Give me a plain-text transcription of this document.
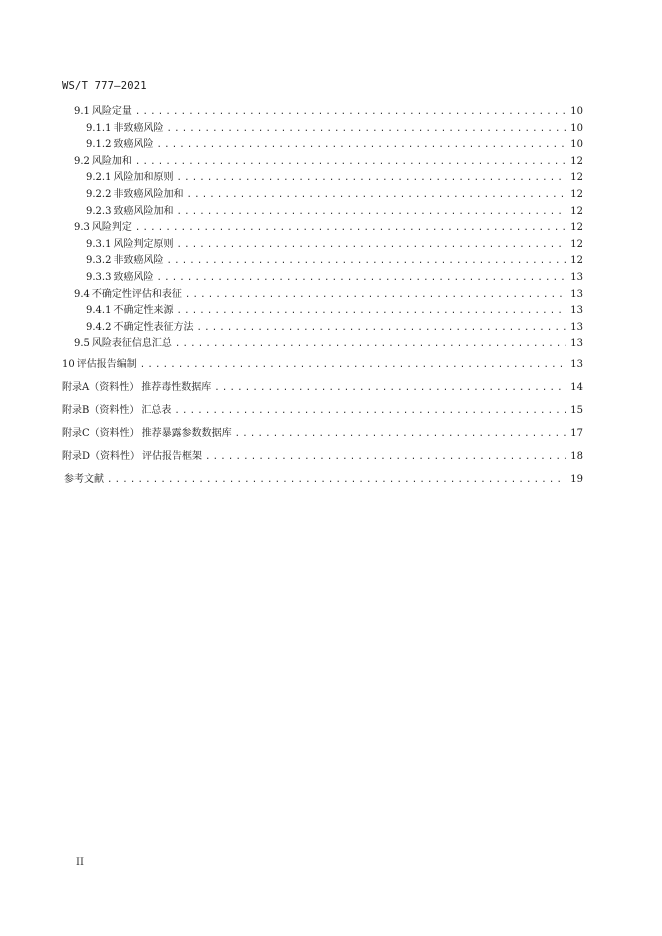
WS/T 777—2021
9.1 风险定量 .....	10
9.1.1 非致癌风险 .....	10
9.1.2 致癌风险 .....	10
9.2 风险加和 .....	12
9.2.1 风险加和原则 .....	12
9.2.2 非致癌风险加和 .....	12
9.2.3 致癌风险加和 .....	12
9.3 风险判定 .....	12
9.3.1 风险判定原则 .....	12
9.3.2 非致癌风险 .....	12
9.3.3 致癌风险 .....	13
9.4 不确定性评估和表征 .....	13
9.4.1 不确定性来源 .....	13
9.4.2 不确定性表征方法 .....	13
9.5 风险表征信息汇总 .....	13
10 评估报告编制 .....	13
附录A（资料性） 推荐毒性数据库 .....	14
附录B（资料性） 汇总表 .....	15
附录C（资料性） 推荐暴露参数数据库 .....	17
附录D（资料性） 评估报告框架 .....	18
参考文献 .....	19
II
